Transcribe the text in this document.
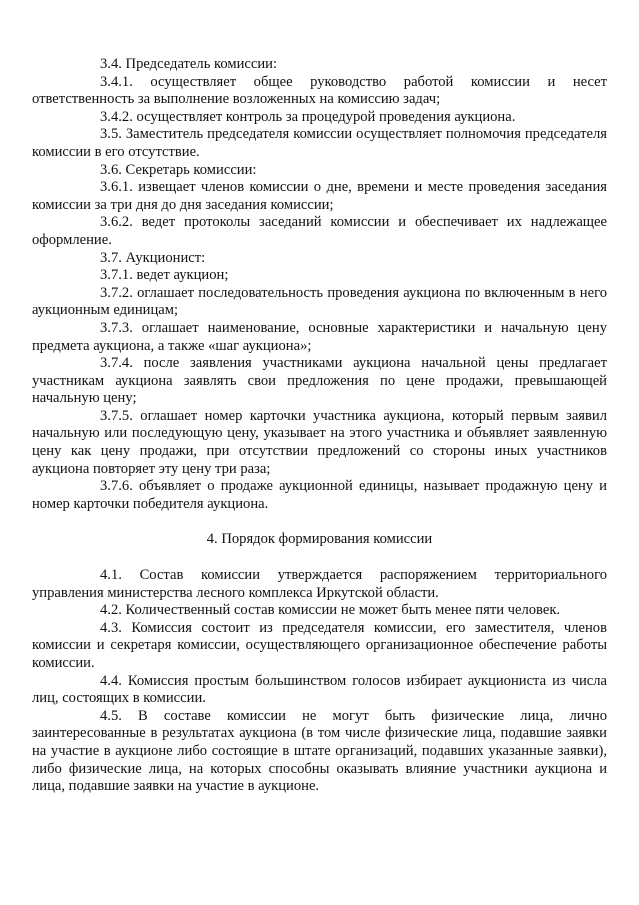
3.4. Председатель комиссии:

3.4.1. осуществляет общее руководство работой комиссии и несет ответственность за выполнение возложенных на комиссию задач;

3.4.2. осуществляет контроль за процедурой проведения аукциона.

3.5. Заместитель председателя комиссии осуществляет полномочия председателя комиссии в его отсутствие.

3.6. Секретарь комиссии:

3.6.1. извещает членов комиссии о дне, времени и месте проведения заседания комиссии за три дня до дня заседания комиссии;

3.6.2. ведет протоколы заседаний комиссии и обеспечивает их надлежащее оформление.

3.7. Аукционист:

3.7.1. ведет аукцион;

3.7.2. оглашает последовательность проведения аукциона по включенным в него аукционным единицам;

3.7.3. оглашает наименование, основные характеристики и начальную цену предмета аукциона, а также «шаг аукциона»;

3.7.4. после заявления участниками аукциона начальной цены предлагает участникам аукциона заявлять свои предложения по цене продажи, превышающей начальную цену;

3.7.5. оглашает номер карточки участника аукциона, который первым заявил начальную или последующую цену, указывает на этого участника и объявляет заявленную цену как цену продажи, при отсутствии предложений со стороны иных участников аукциона повторяет эту цену три раза;

3.7.6. объявляет о продаже аукционной единицы, называет продажную цену и номер карточки победителя аукциона.

4. Порядок формирования комиссии

4.1. Состав комиссии утверждается распоряжением территориального управления министерства лесного комплекса Иркутской области.

4.2. Количественный состав комиссии не может быть менее пяти человек.

4.3. Комиссия состоит из председателя комиссии, его заместителя, членов комиссии и секретаря комиссии, осуществляющего организационное обеспечение работы комиссии.

4.4. Комиссия простым большинством голосов избирает аукциониста из числа лиц, состоящих в комиссии.

4.5. В составе комиссии не могут быть физические лица, лично заинтересованные в результатах аукциона (в том числе физические лица, подавшие заявки на участие в аукционе либо состоящие в штате организаций, подавших указанные заявки), либо физические лица, на которых способны оказывать влияние участники аукциона и лица, подавшие заявки на участие в аукционе.
